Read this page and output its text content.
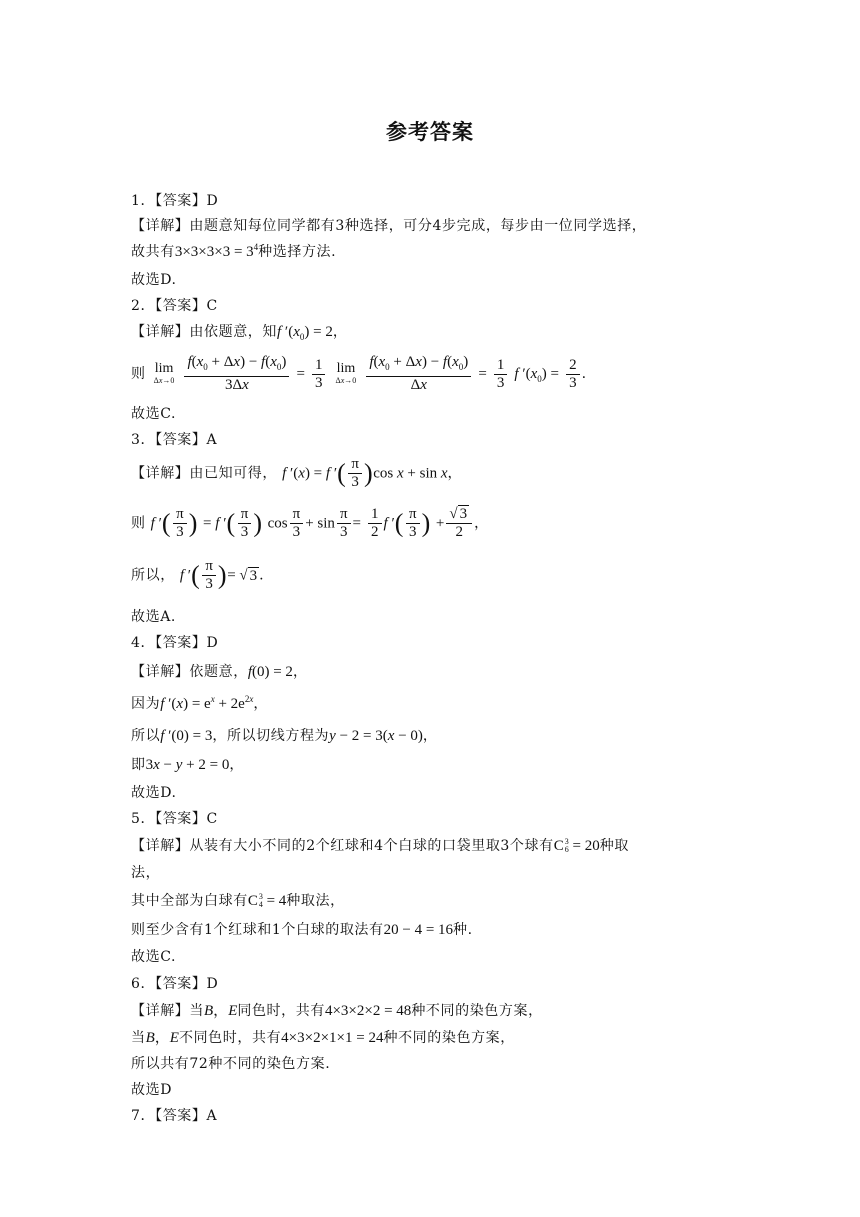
参考答案
1．【答案】D
【详解】由题意知每位同学都有3种选择，可分4步完成，每步由一位同学选择，
故共有$3\times 3\times 3\times 3 = 3^4$种选择方法.
故选D.
2．【答案】C
【详解】由依题意，知f $'(x_0) = 2$，
则 lim
Δx→0
$\frac{f(x_0 + \Delta x) - f(x_0)}{3\Delta x} = \frac{1}{3}$
lim
Δx→0
$\frac{f(x_0 + \Delta x) - f(x_0)}{\Delta x} = \frac{1}{3}$ f $'(x_0) = \frac{2}{3}$ .
故选C.
3．【答案】A
【详解】由已知可得， f ′(x) = f ′( $\frac{\pi}{3} )\cos$ x + sin x，
则 f ′( $\frac{\pi}{3}$ ) = f ′( $\frac{\pi}{3}$ ) $\cos \frac{\pi}{3} + \sin \frac{\pi}{3} = \frac{1}{2}$ f ′( $\frac{\pi}{3}$ ) + $\frac{√ 3}{2}$ ，
所以， f ′( $\frac{\pi}{3}$ )= √ 3 .
故选A.
4．【答案】D
【详解】依题意，f(0) = 2，
因为f $'(x) = e^x + 2e^{2x}$，
所以f ′(0) = 3，所以切线方程为y − 2 = 3(x − 0)，
即3x − y + 2 = 0，
故选D.
5．【答案】C
【详解】从装有大小不同的2个红球和4个白球的口袋里取3个球有C 3
6 = 20种取
法，
其中全部为白球有C 3
4 = 4种取法，
则至少含有1个红球和1个白球的取法有20 − 4 = 16种.
故选C.
6．【答案】D
【详解】当B，E同色时，共有4×3×2×2 = 48种不同的染色方案，
当B，E不同色时，共有4×3×2×1×1 = 24种不同的染色方案，
所以共有72种不同的染色方案.
故选D
7．【答案】A
